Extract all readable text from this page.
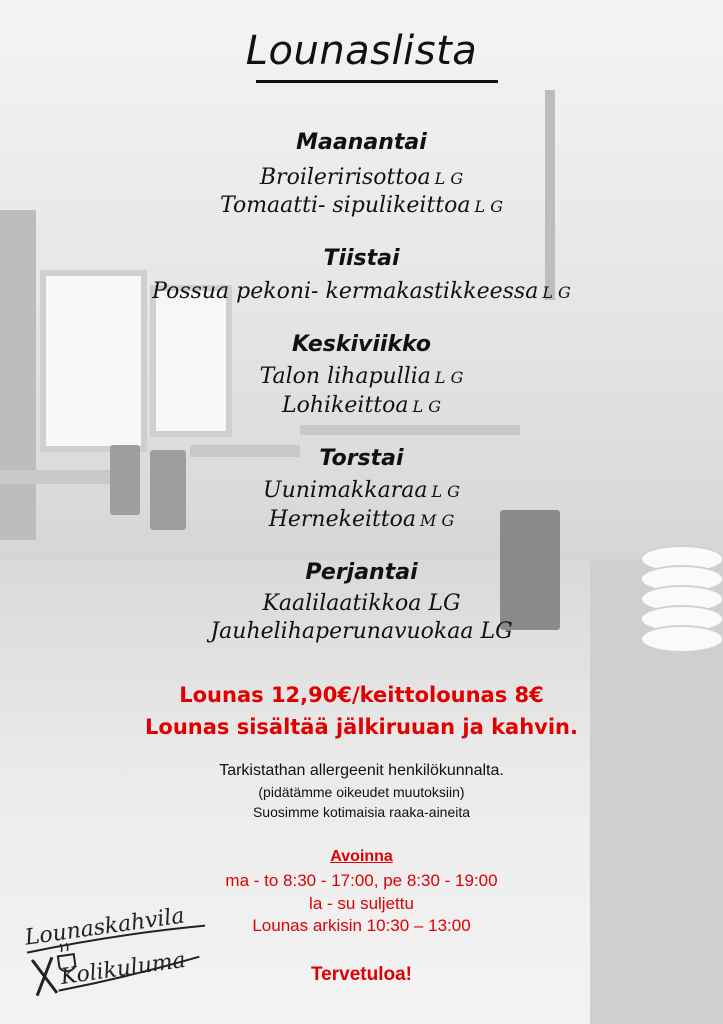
Lounaslista
Maanantai
Broileririsottoa L G
Tomaatti- sipulikeittoa L G
Tiistai
Possua pekoni- kermakastikkeessa L G
Keskiviikko
Talon lihapullia L G
Lohikeittoa L G
Torstai
Uunimakkaraa L G
Hernekeittoa M G
Perjantai
Kaalilaatikkoa LG
Jauhelihaperunavuokaa LG
Lounas 12,90€/keittolounas 8€
Lounas sisältää jälkiruuan ja kahvin.
Tarkistathan allergeenit henkilökunnalta.
(pidätämme oikeudet muutoksiin)
Suosimme kotimaisia raaka-aineita
Avoinna
ma - to 8:30 - 17:00, pe 8:30 - 19:00
la - su suljettu
Lounas arkisin 10:30 – 13:00
Tervetuloa!
Lounaskahvila
Kolikuluma
